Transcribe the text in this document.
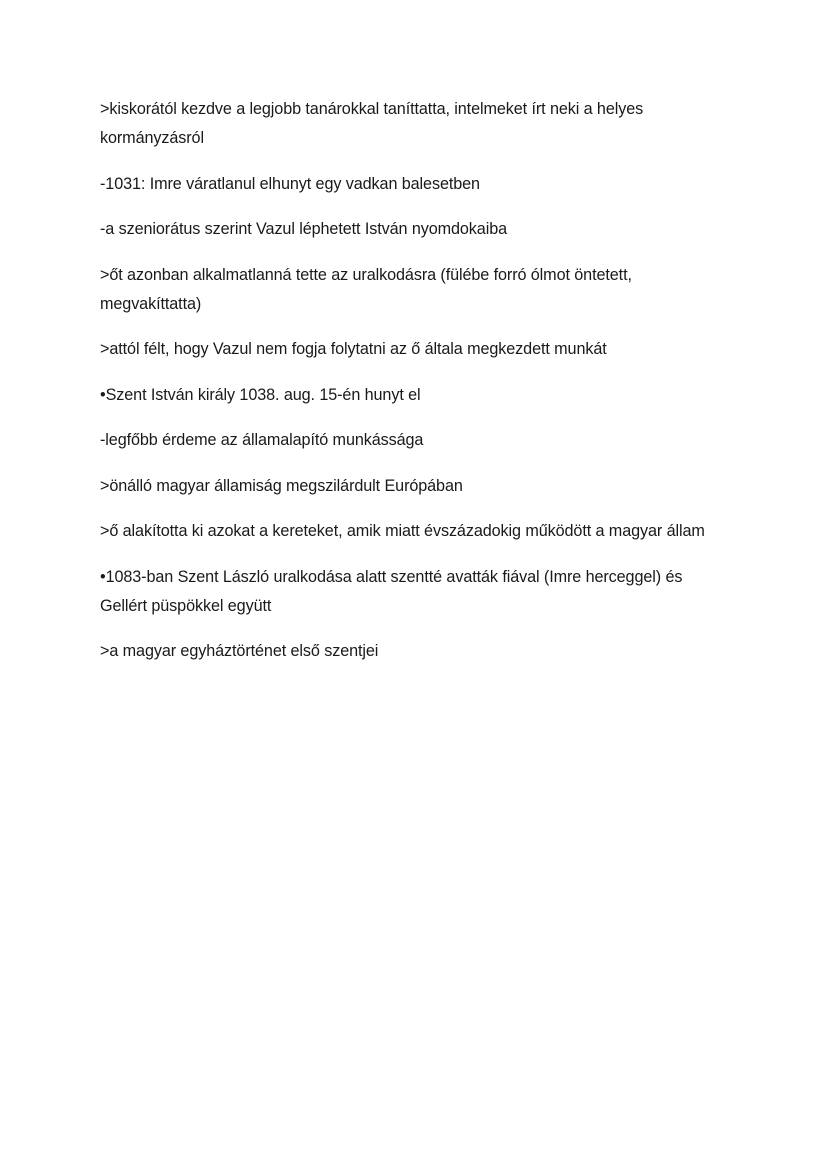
>kiskorától kezdve a legjobb tanárokkal taníttatta, intelmeket írt neki a helyes kormányzásról

-1031: Imre váratlanul elhunyt egy vadkan balesetben

-a szeniorátus szerint Vazul léphetett István nyomdokaiba

>őt azonban alkalmatlanná tette az uralkodásra (fülébe forró ólmot öntetett, megvakíttatta)

>attól félt, hogy Vazul nem fogja folytatni az ő általa megkezdett munkát

•Szent István király 1038. aug. 15-én hunyt el

-legfőbb érdeme az államalapító munkássága

>önálló magyar államiság megszilárdult Európában

>ő alakította ki azokat a kereteket, amik miatt évszázadokig működött a magyar állam

•1083-ban Szent László uralkodása alatt szentté avatták fiával (Imre herceggel) és Gellért püspökkel együtt

>a magyar egyháztörténet első szentjei
